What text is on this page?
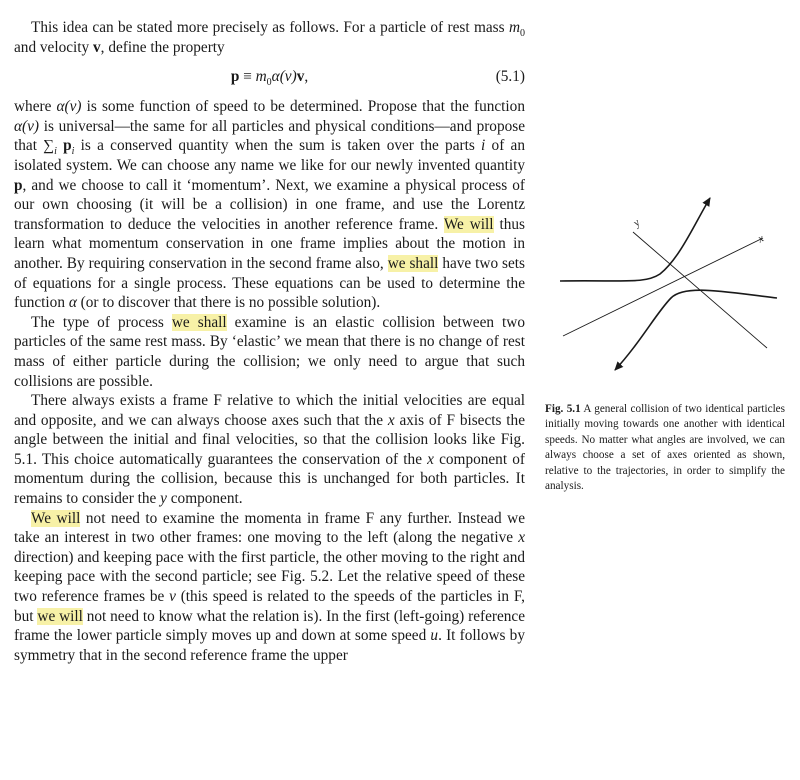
This idea can be stated more precisely as follows. For a particle of rest mass $m_0$ and velocity v, define the property

$p \equiv m_0\alpha(v)v$,	(5.1)

where α(v) is some function of speed to be determined. Propose that the function α(v) is universal—the same for all particles and physical conditions—and propose that $\sum_i$ $p_i$ is a conserved quantity when the sum is taken over the parts i of an isolated system. We can choose any name we like for our newly invented quantity p, and we choose to call it ‘momentum’. Next, we examine a physical process of our own choosing (it will be a collision) in one frame, and use the Lorentz transformation to deduce the velocities in another reference frame. We will thus learn what momentum conservation in one frame implies about the motion in another. By requiring conservation in the second frame also, we shall have two sets of equations for a single process. These equations can be used to determine the function α (or to discover that there is no possible solution).

The type of process we shall examine is an elastic collision between two particles of the same rest mass. By ‘elastic’ we mean that there is no change of rest mass of either particle during the collision; we only need to argue that such collisions are possible.

There always exists a frame F relative to which the initial velocities are equal and opposite, and we can always choose axes such that the x axis of F bisects the angle between the initial and final velocities, so that the collision looks like Fig. 5.1. This choice automatically guarantees the conservation of the x component of momentum during the collision, because this is unchanged for both particles. It remains to consider the y component.

We will not need to examine the momenta in frame F any further. Instead we take an interest in two other frames: one moving to the left (along the negative x direction) and keeping pace with the first particle, the other moving to the right and keeping pace with the second particle; see Fig. 5.2. Let the relative speed of these two reference frames be v (this speed is related to the speeds of the particles in F, but we will not need to know what the relation is). In the first (left-going) reference frame the lower particle simply moves up and down at some speed u. It follows by symmetry that in the second reference frame the upper

y
x
Fig. 5.1 A general collision of two identical particles initially moving towards one another with identical speeds. No matter what angles are involved, we can always choose a set of axes oriented as shown, relative to the trajectories, in order to simplify the analysis.
